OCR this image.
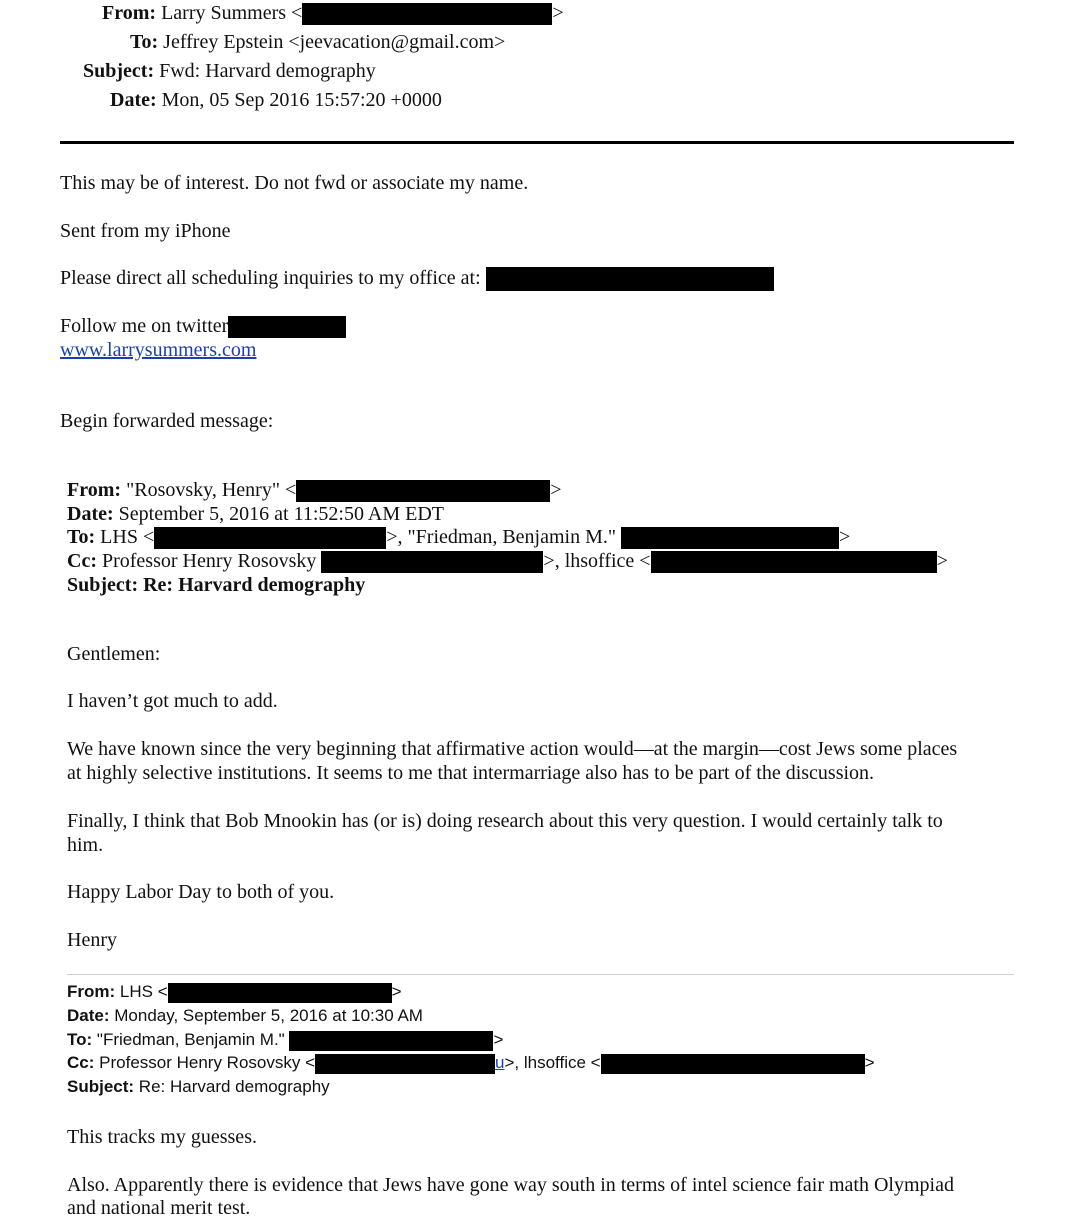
From: Larry Summers <	>
To: Jeffrey Epstein <jeevacation@gmail.com>
Subject: Fwd: Harvard demography
Date: Mon, 05 Sep 2016 15:57:20 +0000
This may be of interest. Do not fwd or associate my name.
Sent from my iPhone
Please direct all scheduling inquiries to my office at:
Follow me on twitter
www.larrysummers.com
Begin forwarded message:
From: "Rosovsky, Henry" <	>
Date: September 5, 2016 at 11:52:50 AM EDT
To: LHS <	>, "Friedman, Benjamin M."	>
Cc: Professor Henry Rosovsky	>, lhsoffice <	>
Subject: Re: Harvard demography
Gentlemen:
I haven’t got much to add.
We have known since the very beginning that affirmative action would—at the margin—cost Jews some places
at highly selective institutions. It seems to me that intermarriage also has to be part of the discussion.
Finally, I think that Bob Mnookin has (or is) doing research about this very question. I would certainly talk to
him.
Happy Labor Day to both of you.
Henry
From: LHS <	>
Date: Monday, September 5, 2016 at 10:30 AM
To: "Friedman, Benjamin M."	>
Cc: Professor Henry Rosovsky <	u>, lhsoffice <	>
Subject: Re: Harvard demography
This tracks my guesses.
Also. Apparently there is evidence that Jews have gone way south in terms of intel science fair math Olympiad
and national merit test.
